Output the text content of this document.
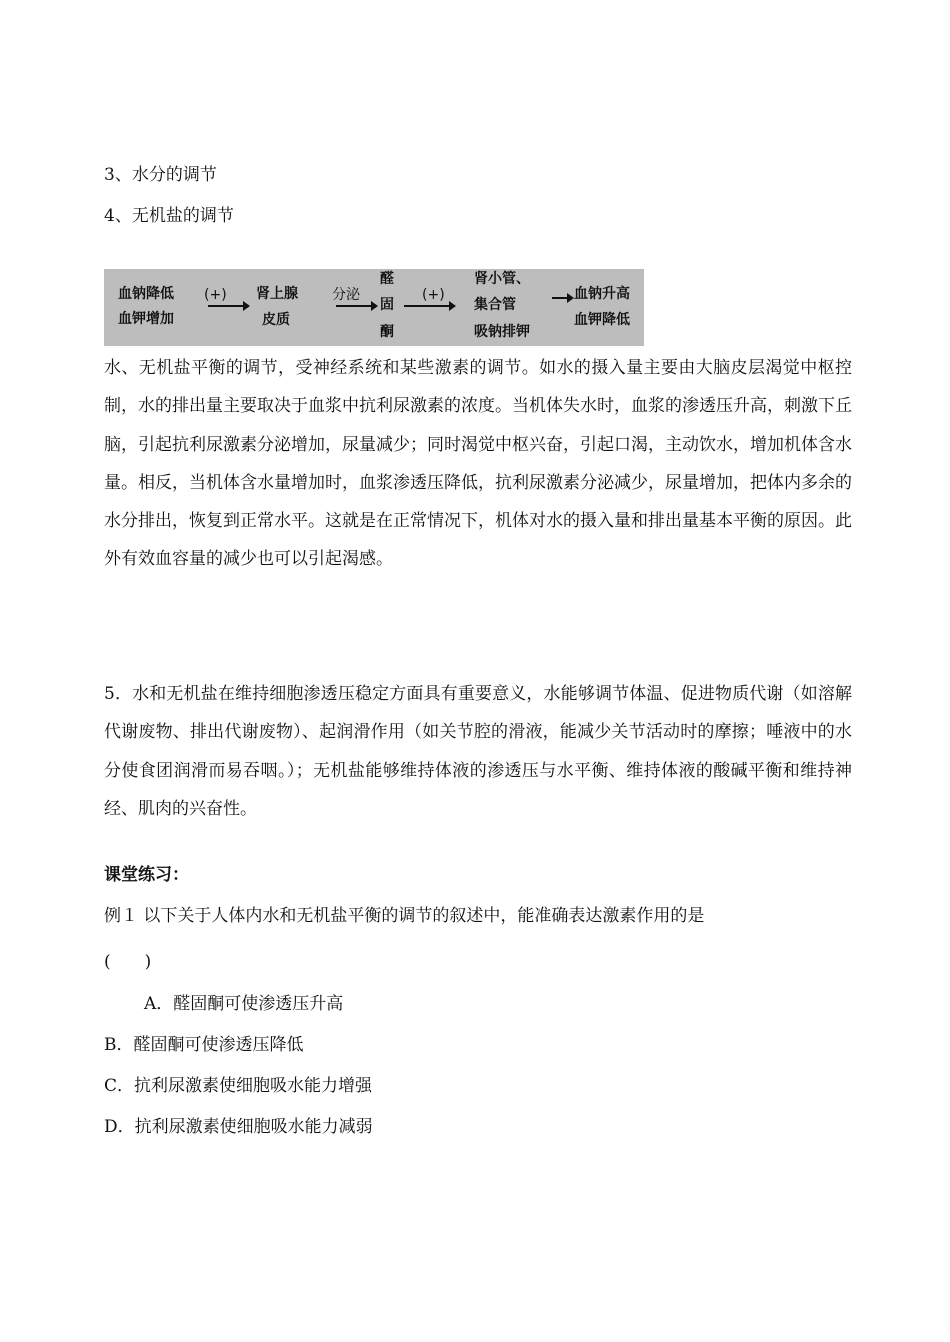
3、水分的调节
4、无机盐的调节
血钠降低
血钾增加
(+) 肾上腺
皮质
分泌
醛
固
酮
(+)
肾小管、
集合管
吸钠排钾
血钠升高
血钾降低
水、无机盐平衡的调节，受神经系统和某些激素的调节。如水的摄入量主要由大脑皮层渴觉中枢控制，水的排出量主要取决于血浆中抗利尿激素的浓度。当机体失水时，血浆的渗透压升高，刺激下丘脑，引起抗利尿激素分泌增加，尿量减少；同时渴觉中枢兴奋，引起口渴，主动饮水，增加机体含水量。相反，当机体含水量增加时，血浆渗透压降低，抗利尿激素分泌减少，尿量增加，把体内多余的水分排出，恢复到正常水平。这就是在正常情况下，机体对水的摄入量和排出量基本平衡的原因。此外有效血容量的减少也可以引起渴感。
5．水和无机盐在维持细胞渗透压稳定方面具有重要意义，水能够调节体温、促进物质代谢（如溶解代谢废物、排出代谢废物）、起润滑作用（如关节腔的滑液，能减少关节活动时的摩擦；唾液中的水分使食团润滑而易吞咽。）；无机盐能够维持体液的渗透压与水平衡、维持体液的酸碱平衡和维持神经、肌肉的兴奋性。
课堂练习：
例１ 以下关于人体内水和无机盐平衡的调节的叙述中，能准确表达激素作用的是
(　　)
A．醛固酮可使渗透压升高
B．醛固酮可使渗透压降低
C．抗利尿激素使细胞吸水能力增强
D．抗利尿激素使细胞吸水能力减弱
